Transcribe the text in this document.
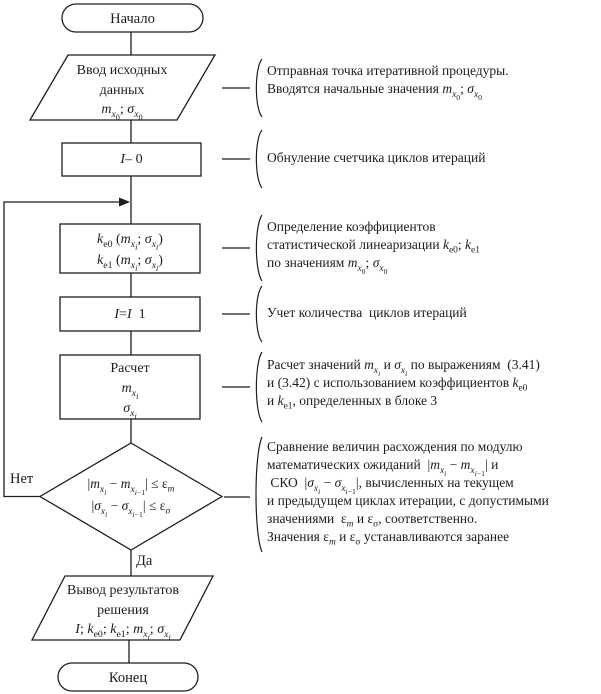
Начало
Ввод исходных
данных
$m_{x_0}$; $\sigma_{x_0}$
I – 0
$k_{е0}$ ($m_{x_i}$; $\sigma_{x_i}$)
$k_{е1}$ ($m_{x_i}$; $\sigma_{x_i}$)
I = I 1
Расчет
$m_{x_i}$
$\sigma_{x_i}$
$|m_{x_i} - m_{x_{i-1}}| \le \varepsilon_m$
$|\sigma_{x_i} - \sigma_{x_{i-1}}| \le \varepsilon_\sigma$
Нет
Да
Вывод результатов
решения
I; $k_{е0}$; $k_{е1}$; $m_{x_i}$; $\sigma_{x_i}$
Конец
Отправная точка итеративной процедуры.
Вводятся начальные значения $m_{x_0}$; $\sigma_{x_0}$
Обнуление счетчика циклов итераций
Определение коэффициентов
статистической линеаризации $k_{е0}$; $k_{е1}$
по значениям $m_{x_0}$; $\sigma_{x_0}$
Учет количества  циклов итераций
Расчет значений $m_{x_i}$ и $\sigma_{x_i}$ по выражениям  (3.41)
и (3.42) с использованием коэффициентов $k_{е0}$
и $k_{е1}$, определенных в блоке 3
Сравнение величин расхождения по модулю
математических ожиданий  $|m_{x_i} - m_{x_{i-1}}|$ и
СКО  $|\sigma_{x_i} - \sigma_{x_{i-1}}|$, вычисленных на текущем
и предыдущем циклах итерации, с допустимыми
значениями  $\varepsilon_m$ и $\varepsilon_\sigma$, соответственно.
Значения $\varepsilon_m$ и $\varepsilon_\sigma$ устанавливаются заранее
